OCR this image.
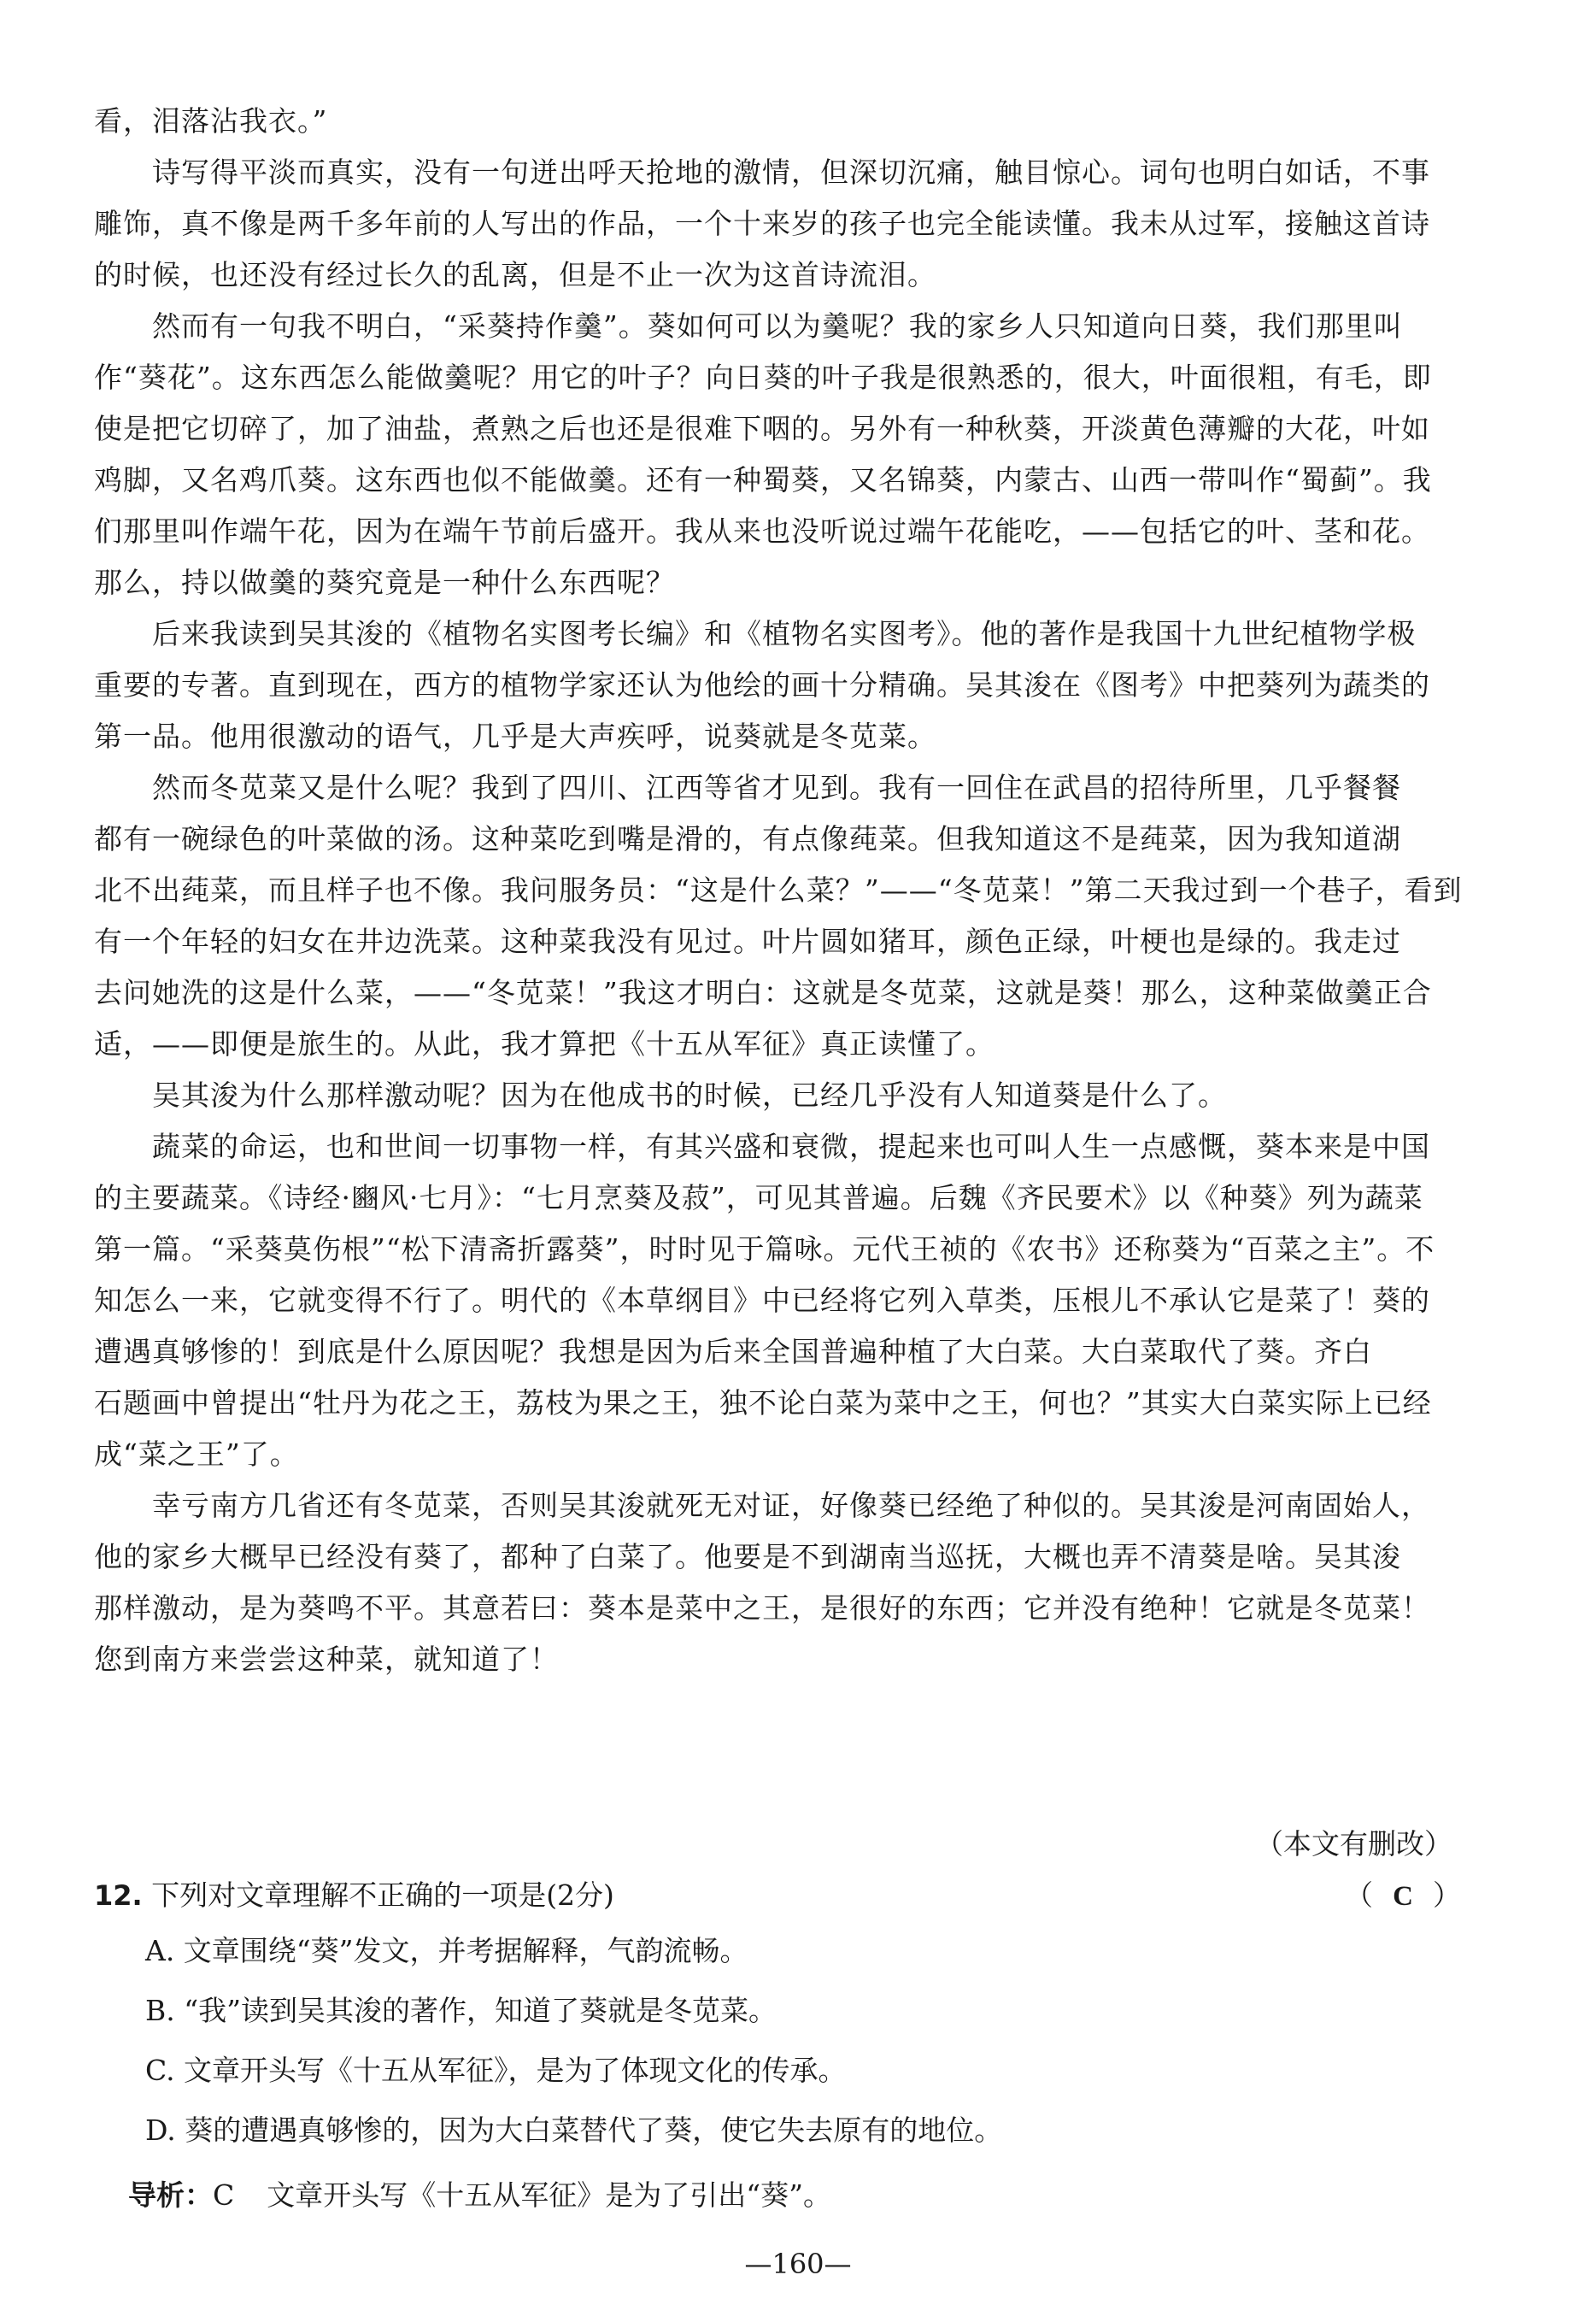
看，泪落沾我衣。”

　　诗写得平淡而真实，没有一句迸出呼天抢地的激情，但深切沉痛，触目惊心。词句也明白如话，不事

雕饰，真不像是两千多年前的人写出的作品，一个十来岁的孩子也完全能读懂。我未从过军，接触这首诗

的时候，也还没有经过长久的乱离，但是不止一次为这首诗流泪。

　　然而有一句我不明白，“采葵持作羹”。葵如何可以为羹呢？我的家乡人只知道向日葵，我们那里叫

作“葵花”。这东西怎么能做羹呢？用它的叶子？向日葵的叶子我是很熟悉的，很大，叶面很粗，有毛，即

使是把它切碎了，加了油盐，煮熟之后也还是很难下咽的。另外有一种秋葵，开淡黄色薄瓣的大花，叶如

鸡脚，又名鸡爪葵。这东西也似不能做羹。还有一种蜀葵，又名锦葵，内蒙古、山西一带叫作“蜀蓟”。我

们那里叫作端午花，因为在端午节前后盛开。我从来也没听说过端午花能吃，——包括它的叶、茎和花。

那么，持以做羹的葵究竟是一种什么东西呢？

　　后来我读到吴其浚的《植物名实图考长编》和《植物名实图考》。他的著作是我国十九世纪植物学极

重要的专著。直到现在，西方的植物学家还认为他绘的画十分精确。吴其浚在《图考》中把葵列为蔬类的

第一品。他用很激动的语气，几乎是大声疾呼，说葵就是冬苋菜。

　　然而冬苋菜又是什么呢？我到了四川、江西等省才见到。我有一回住在武昌的招待所里，几乎餐餐

都有一碗绿色的叶菜做的汤。这种菜吃到嘴是滑的，有点像莼菜。但我知道这不是莼菜，因为我知道湖

北不出莼菜，而且样子也不像。我问服务员：“这是什么菜？”——“冬苋菜！”第二天我过到一个巷子，看到

有一个年轻的妇女在井边洗菜。这种菜我没有见过。叶片圆如猪耳，颜色正绿，叶梗也是绿的。我走过

去问她洗的这是什么菜，——“冬苋菜！”我这才明白：这就是冬苋菜，这就是葵！那么，这种菜做羹正合

适，——即便是旅生的。从此，我才算把《十五从军征》真正读懂了。

　　吴其浚为什么那样激动呢？因为在他成书的时候，已经几乎没有人知道葵是什么了。

　　蔬菜的命运，也和世间一切事物一样，有其兴盛和衰微，提起来也可叫人生一点感慨，葵本来是中国

的主要蔬菜。《诗经·豳风·七月》：“七月烹葵及菽”，可见其普遍。后魏《齐民要术》以《种葵》列为蔬菜

第一篇。“采葵莫伤根”“松下清斋折露葵”，时时见于篇咏。元代王祯的《农书》还称葵为“百菜之主”。不

知怎么一来，它就变得不行了。明代的《本草纲目》中已经将它列入草类，压根儿不承认它是菜了！葵的

遭遇真够惨的！到底是什么原因呢？我想是因为后来全国普遍种植了大白菜。大白菜取代了葵。齐白

石题画中曾提出“牡丹为花之王，荔枝为果之王，独不论白菜为菜中之王，何也？”其实大白菜实际上已经

成“菜之王”了。

　　幸亏南方几省还有冬苋菜，否则吴其浚就死无对证，好像葵已经绝了种似的。吴其浚是河南固始人，

他的家乡大概早已经没有葵了，都种了白菜了。他要是不到湖南当巡抚，大概也弄不清葵是啥。吴其浚

那样激动，是为葵鸣不平。其意若曰：葵本是菜中之王，是很好的东西；它并没有绝种！它就是冬苋菜！

您到南方来尝尝这种菜，就知道了！

（本文有删改）
12. 下列对文章理解不正确的一项是(2分)	（ C ）
A. 文章围绕“葵”发文，并考据解释，气韵流畅。
B. “我”读到吴其浚的著作，知道了葵就是冬苋菜。
C. 文章开头写《十五从军征》，是为了体现文化的传承。
D. 葵的遭遇真够惨的，因为大白菜替代了葵，使它失去原有的地位。
导析：C 文章开头写《十五从军征》是为了引出“葵”。
—160—
